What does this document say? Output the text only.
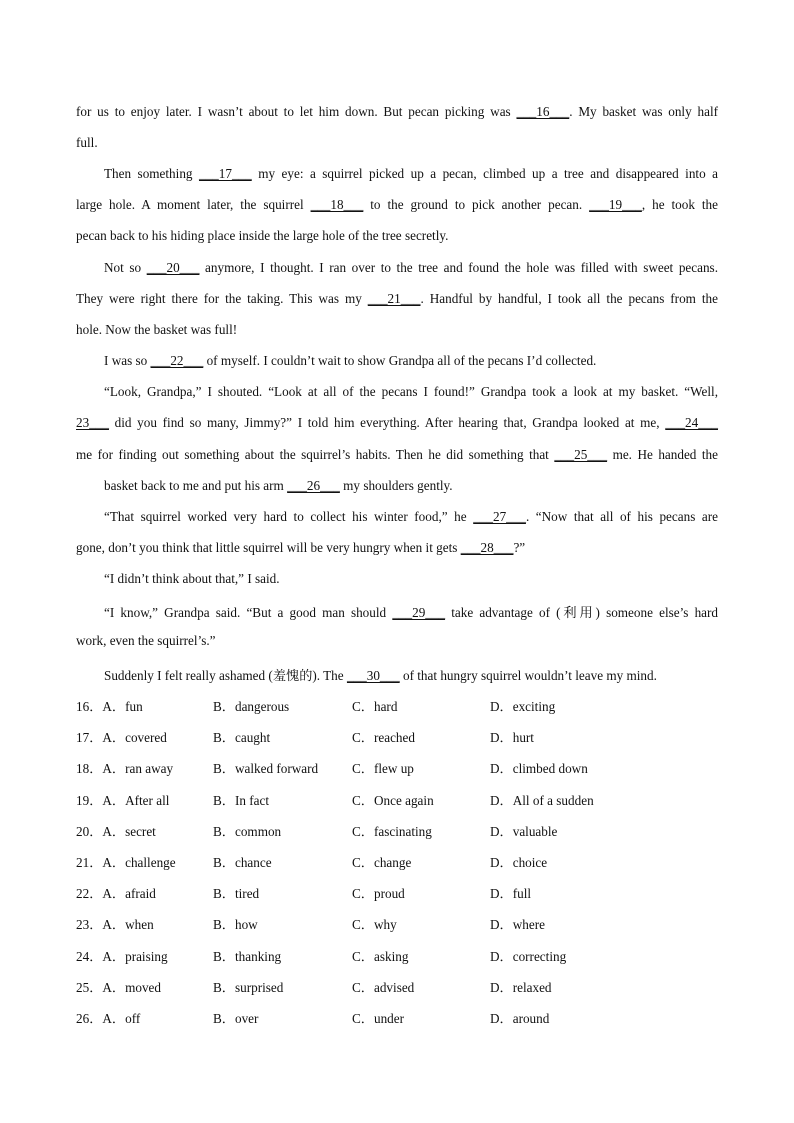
for us to enjoy later. I wasn’t about to let him down. But pecan picking was ___16___. My basket was only half
full.
Then something ___17___ my eye: a squirrel picked up a pecan, climbed up a tree and disappeared into a
large hole. A moment later, the squirrel ___18___ to the ground to pick another pecan. ___19___, he took the
pecan back to his hiding place inside the large hole of the tree secretly.
Not so ___20___ anymore, I thought. I ran over to the tree and found the hole was filled with sweet pecans.
They were right there for the taking. This was my ___21___. Handful by handful, I took all the pecans from the
hole. Now the basket was full!
I was so ___22___ of myself. I couldn’t wait to show Grandpa all of the pecans I’d collected.
“Look, Grandpa,” I shouted. “Look at all of the pecans I found!” Grandpa took a look at my basket. “Well,
23___ did you find so many, Jimmy?” I told him everything. After hearing that, Grandpa looked at me, ___24___
me for finding out something about the squirrel’s habits. Then he did something that ___25___ me. He handed the
basket back to me and put his arm ___26___ my shoulders gently.
“That squirrel worked very hard to collect his winter food,” he ___27___. “Now that all of his pecans are
gone, don’t you think that little squirrel will be very hungry when it gets ___28___?”
“I didn’t think about that,” I said.
“I know,” Grandpa said. “But a good man should ___29___ take advantage of (利用) someone else’s hard
work, even the squirrel’s.”
Suddenly I felt really ashamed (羞愧的). The ___30___ of that hungry squirrel wouldn’t leave my mind.
16．A．fun	B．dangerous	C．hard	D．exciting
17．A．covered	B．caught	C．reached	D．hurt
18．A．ran away	B．walked forward	C．flew up	D．climbed down
19．A．After all	B．In fact	C．Once again	D．All of a sudden
20．A．secret	B．common	C．fascinating	D．valuable
21．A．challenge	B．chance	C．change	D．choice
22．A．afraid	B．tired	C．proud	D．full
23．A．when	B．how	C．why	D．where
24．A．praising	B．thanking	C．asking	D．correcting
25．A．moved	B．surprised	C．advised	D．relaxed
26．A．off	B．over	C．under	D．around
